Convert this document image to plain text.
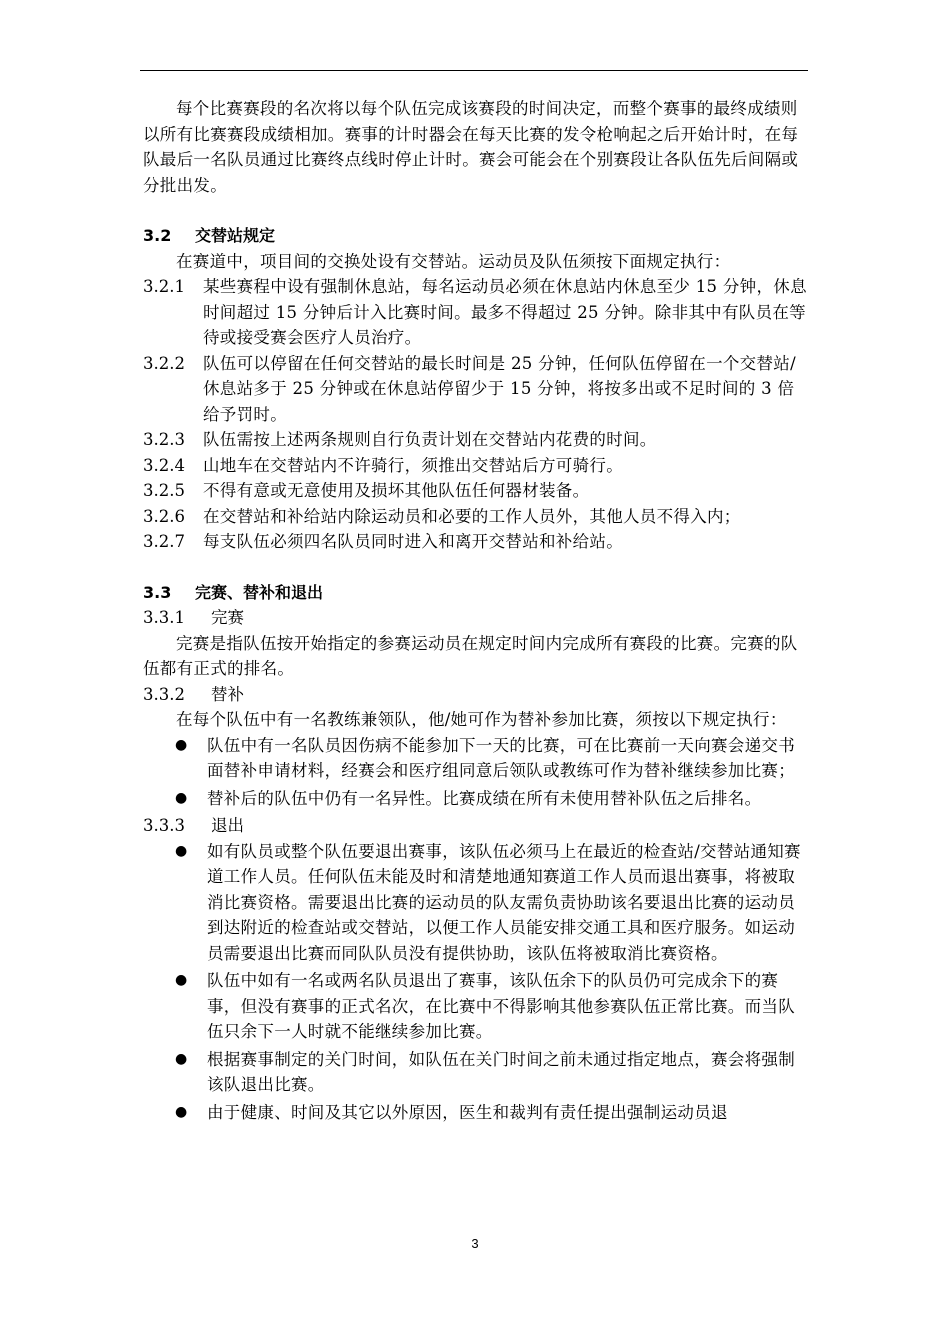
每个比赛赛段的名次将以每个队伍完成该赛段的时间决定，而整个赛事的最终成绩则以所有比赛赛段成绩相加。赛事的计时器会在每天比赛的发令枪响起之后开始计时，在每队最后一名队员通过比赛终点线时停止计时。赛会可能会在个别赛段让各队伍先后间隔或分批出发。

3.2	交替站规定

在赛道中，项目间的交换处设有交替站。运动员及队伍须按下面规定执行：

3.2.1	某些赛程中设有强制休息站，每名运动员必须在休息站内休息至少 15 分钟，休息时间超过 15 分钟后计入比赛时间。最多不得超过 25 分钟。除非其中有队员在等待或接受赛会医疗人员治疗。
3.2.2	队伍可以停留在任何交替站的最长时间是 25 分钟，任何队伍停留在一个交替站/休息站多于 25 分钟或在休息站停留少于 15 分钟，将按多出或不足时间的 3 倍给予罚时。
3.2.3	队伍需按上述两条规则自行负责计划在交替站内花费的时间。
3.2.4	山地车在交替站内不许骑行，须推出交替站后方可骑行。
3.2.5	不得有意或无意使用及损坏其他队伍任何器材装备。
3.2.6	在交替站和补给站内除运动员和必要的工作人员外，其他人员不得入内；
3.2.7	每支队伍必须四名队员同时进入和离开交替站和补给站。
3.3	完赛、替补和退出
3.3.1	完赛

完赛是指队伍按开始指定的参赛运动员在规定时间内完成所有赛段的比赛。完赛的队伍都有正式的排名。

3.3.2	替补

在每个队伍中有一名教练兼领队，他/她可作为替补参加比赛，须按以下规定执行：

●	队伍中有一名队员因伤病不能参加下一天的比赛，可在比赛前一天向赛会递交书面替补申请材料，经赛会和医疗组同意后领队或教练可作为替补继续参加比赛；
●	替补后的队伍中仍有一名异性。比赛成绩在所有未使用替补队伍之后排名。
3.3.3	退出
●	如有队员或整个队伍要退出赛事，该队伍必须马上在最近的检查站/交替站通知赛道工作人员。任何队伍未能及时和清楚地通知赛道工作人员而退出赛事，将被取消比赛资格。需要退出比赛的运动员的队友需负责协助该名要退出比赛的运动员到达附近的检查站或交替站，以便工作人员能安排交通工具和医疗服务。如运动员需要退出比赛而同队队员没有提供协助，该队伍将被取消比赛资格。
●	队伍中如有一名或两名队员退出了赛事，该队伍余下的队员仍可完成余下的赛事，但没有赛事的正式名次，在比赛中不得影响其他参赛队伍正常比赛。而当队伍只余下一人时就不能继续参加比赛。
●	根据赛事制定的关门时间，如队伍在关门时间之前未通过指定地点，赛会将强制该队退出比赛。
●	由于健康、时间及其它以外原因，医生和裁判有责任提出强制运动员退
3
